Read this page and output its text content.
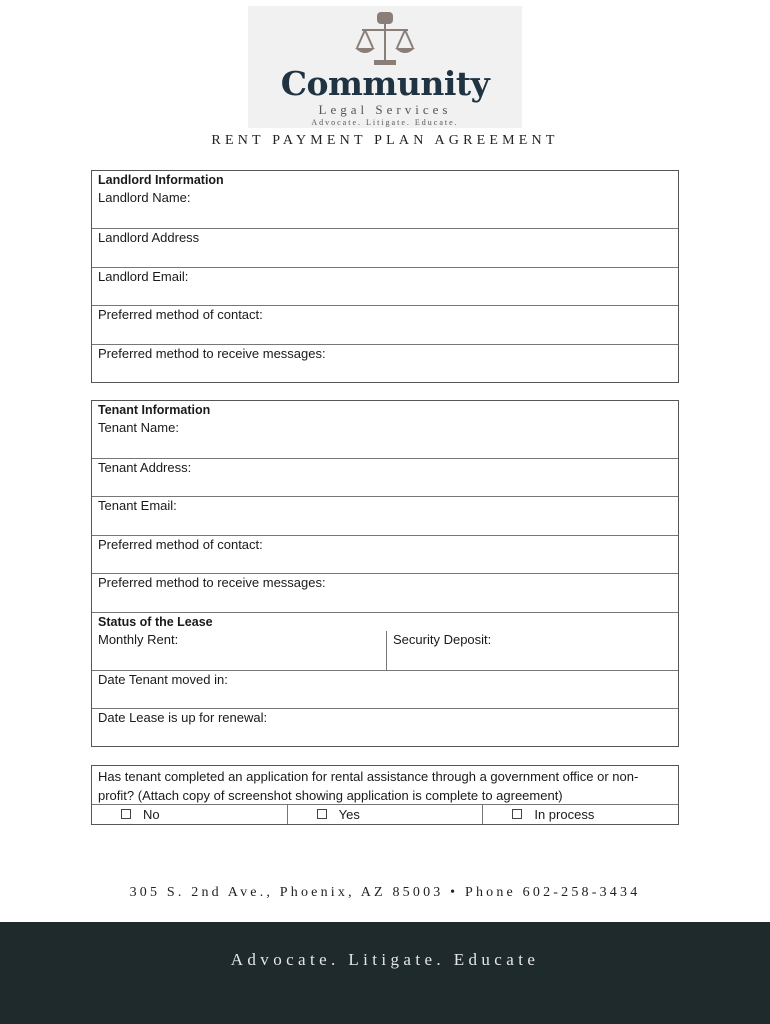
Community
Legal Services
Advocate. Litigate. Educate.
RENT PAYMENT PLAN AGREEMENT
Landlord Information
Landlord Name:
Landlord Address
Landlord Email:
Preferred method of contact:
Preferred method to receive messages:
Tenant Information
Tenant Name:
Tenant Address:
Tenant Email:
Preferred method of contact:
Preferred method to receive messages:
Status of the Lease
Monthly Rent:	Security Deposit:
Date Tenant moved in:
Date Lease is up for renewal:
Has tenant completed an application for rental assistance through a government office or non-profit? (Attach copy of screenshot showing application is complete to agreement)
No	Yes	In process
305 S. 2nd Ave., Phoenix, AZ 85003 • Phone 602-258-3434
Advocate. Litigate. Educate
